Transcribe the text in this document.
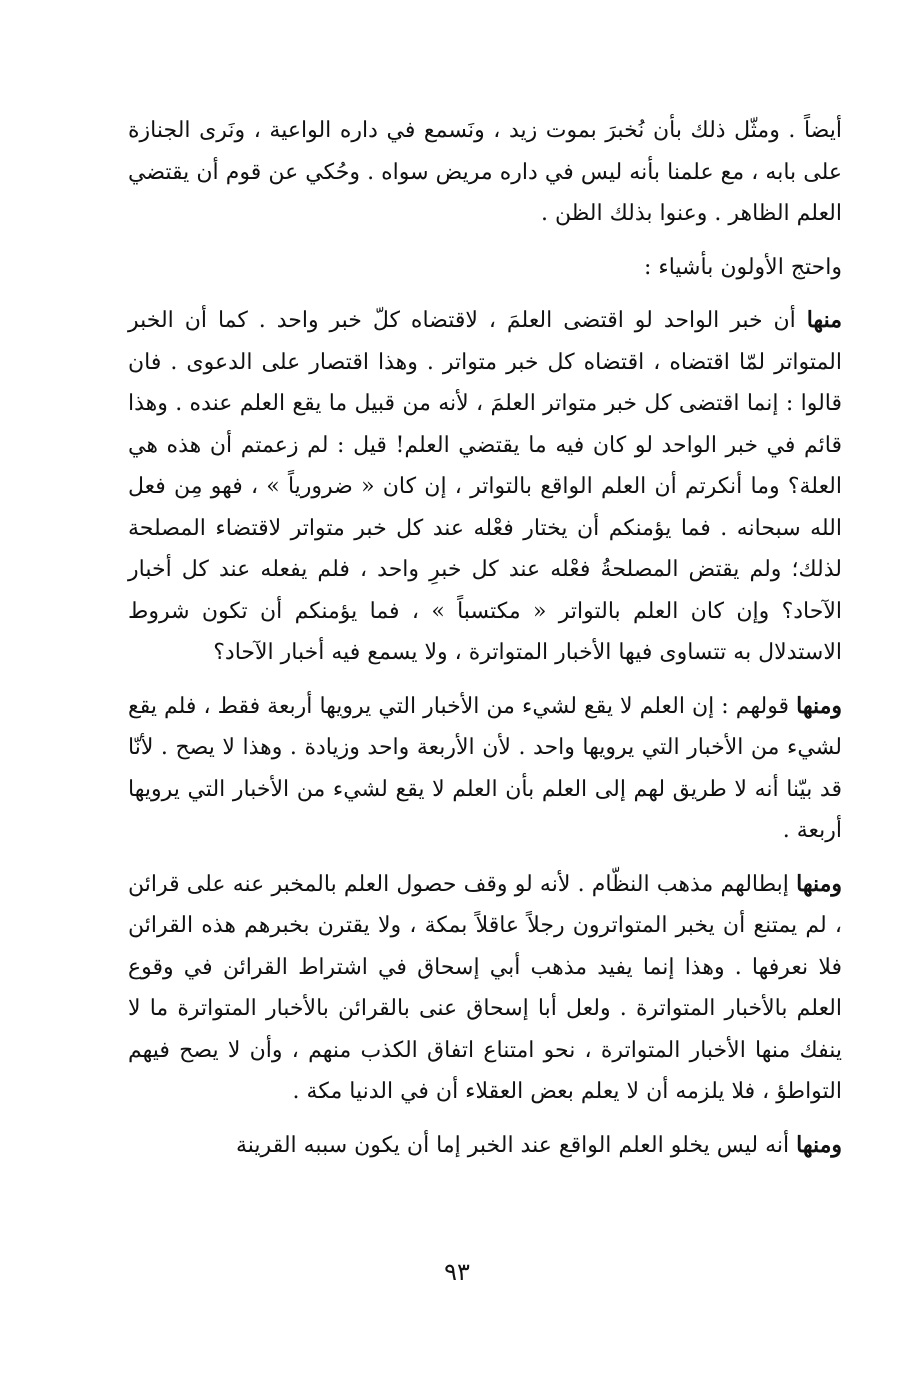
أيضاً . ومثّل ذلك بأن نُخبرَ بموت زيد ، ونَسمع في داره الواعية ، ونَرى الجنازة على بابه ، مع علمنا بأنه ليس في داره مريض سواه . وحُكي عن قوم أن يقتضي العلم الظاهر . وعنوا بذلك الظن .

واحتج الأولون بأشياء :

منها أن خبر الواحد لو اقتضى العلمَ ، لاقتضاه كلّ خبر واحد . كما أن الخبر المتواتر لمّا اقتضاه ، اقتضاه كل خبر متواتر . وهذا اقتصار على الدعوى . فان قالوا : إنما اقتضى كل خبر متواتر العلمَ ، لأنه من قبيل ما يقع العلم عنده . وهذا قائم في خبر الواحد لو كان فيه ما يقتضي العلم! قيل : لم زعمتم أن هذه هي العلة؟ وما أنكرتم أن العلم الواقع بالتواتر ، إن كان « ضرورياً » ، فهو مِن فعل الله سبحانه . فما يؤمنكم أن يختار فعْله عند كل خبر متواتر لاقتضاء المصلحة لذلك؛ ولم يقتض المصلحةُ فعْله عند كل خبرِ واحد ، فلم يفعله عند كل أخبار الآحاد؟ وإن كان العلم بالتواتر « مكتسباً » ، فما يؤمنكم أن تكون شروط الاستدلال به تتساوى فيها الأخبار المتواترة ، ولا يسمع فيه أخبار الآحاد؟

ومنها قولهم : إن العلم لا يقع لشيء من الأخبار التي يرويها أربعة فقط ، فلم يقع لشيء من الأخبار التي يرويها واحد . لأن الأربعة واحد وزيادة . وهذا لا يصح . لأنّا قد بيّنا أنه لا طريق لهم إلى العلم بأن العلم لا يقع لشيء من الأخبار التي يرويها أربعة .

ومنها إبطالهم مذهب النظّام . لأنه لو وقف حصول العلم بالمخبر عنه على قرائن ، لم يمتنع أن يخبر المتواترون رجلاً عاقلاً بمكة ، ولا يقترن بخبرهم هذه القرائن فلا نعرفها . وهذا إنما يفيد مذهب أبي إسحاق في اشتراط القرائن في وقوع العلم بالأخبار المتواترة . ولعل أبا إسحاق عنى بالقرائن بالأخبار المتواترة ما لا ينفك منها الأخبار المتواترة ، نحو امتناع اتفاق الكذب منهم ، وأن لا يصح فيهم التواطؤ ، فلا يلزمه أن لا يعلم بعض العقلاء أن في الدنيا مكة .

ومنها أنه ليس يخلو العلم الواقع عند الخبر إما أن يكون سببه القرينة

٩٣
